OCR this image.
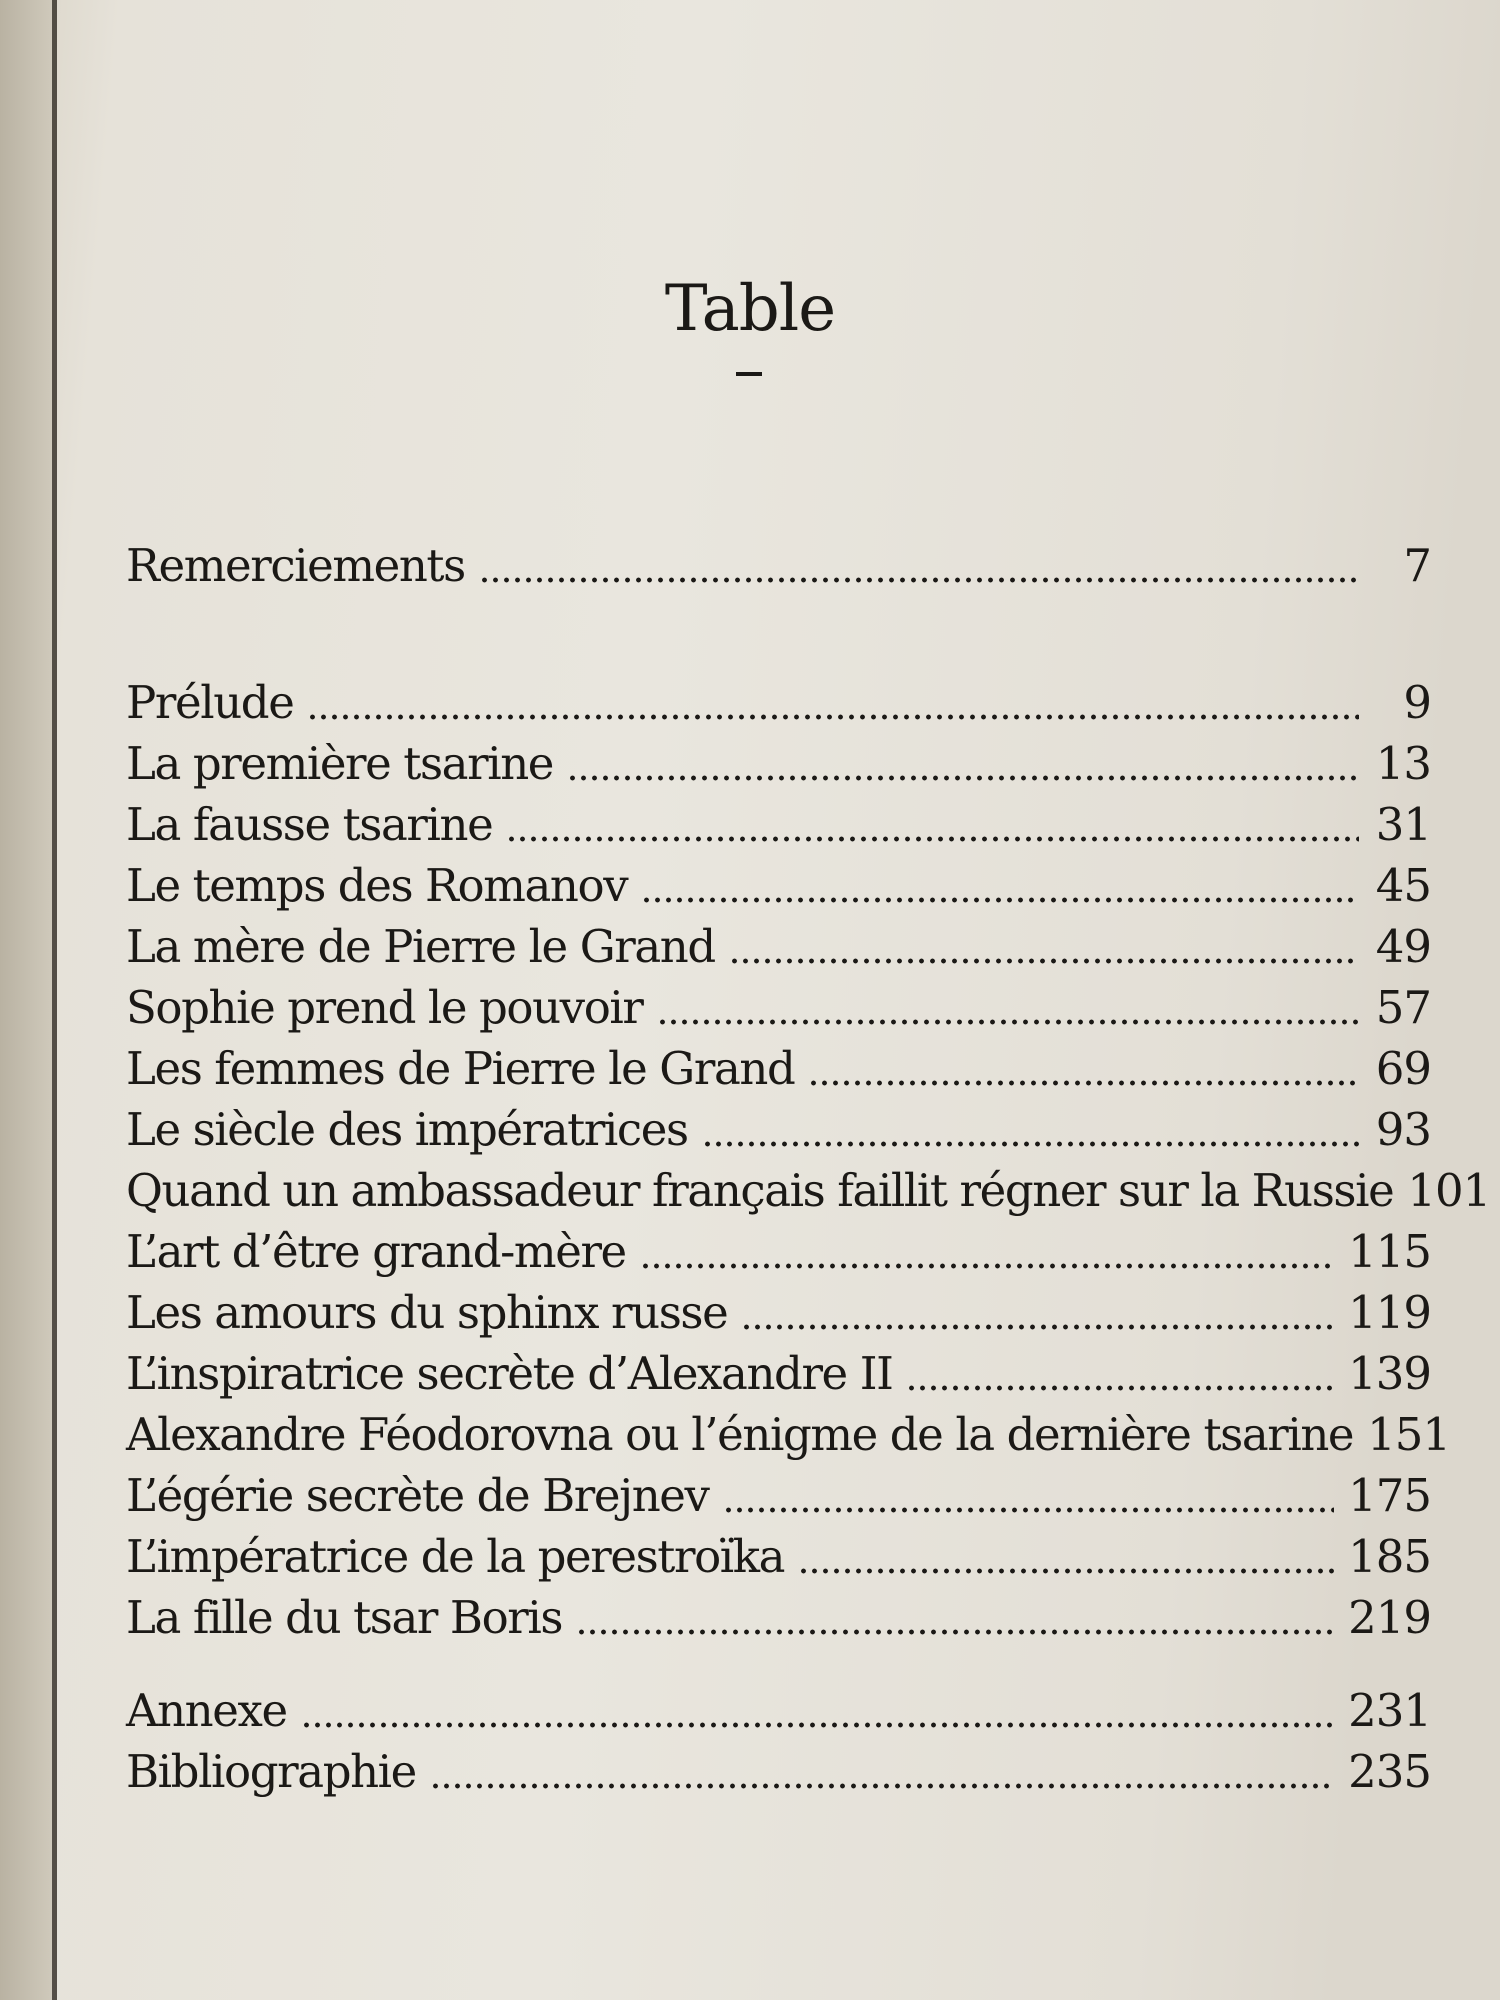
Table
Remerciements	7
Prélude	9
La première tsarine	13
La fausse tsarine	31
Le temps des Romanov	45
La mère de Pierre le Grand	49
Sophie prend le pouvoir	57
Les femmes de Pierre le Grand	69
Le siècle des impératrices	93
Quand un ambassadeur français faillit régner sur la Russie 101
L’art d’être grand-mère	115
Les amours du sphinx russe	119
L’inspiratrice secrète d’Alexandre II	139
Alexandre Féodorovna ou l’énigme de la dernière tsarine 151
L’égérie secrète de Brejnev	175
L’impératrice de la perestroïka	185
La fille du tsar Boris	219
Annexe	231
Bibliographie	235
